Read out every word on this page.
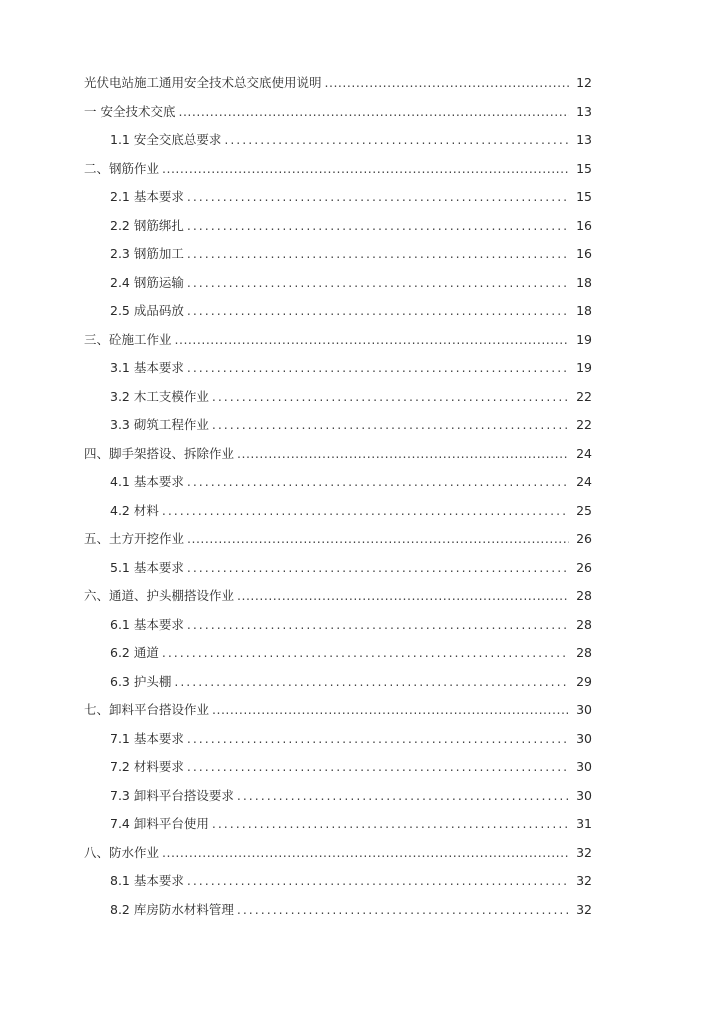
光伏电站施工通用安全技术总交底使用说明 .....	12
一 安全技术交底 .....	13
1.1 安全交底总要求 .....	13
二、钢筋作业 .....	15
2.1 基本要求 .....	15
2.2 钢筋绑扎 .....	16
2.3 钢筋加工 .....	16
2.4 钢筋运输 .....	18
2.5 成品码放 .....	18
三、砼施工作业 .....	19
3.1 基本要求 .....	19
3.2 木工支模作业 .....	22
3.3 砌筑工程作业 .....	22
四、脚手架搭设、拆除作业 .....	24
4.1 基本要求 .....	24
4.2 材料 .....	25
五、土方开挖作业 .....	26
5.1 基本要求 .....	26
六、通道、护头棚搭设作业 .....	28
6.1 基本要求 .....	28
6.2 通道 .....	28
6.3 护头棚 .....	29
七、卸料平台搭设作业 .....	30
7.1 基本要求 .....	30
7.2 材料要求 .....	30
7.3 卸料平台搭设要求 .....	30
7.4 卸料平台使用 .....	31
八、防水作业 .....	32
8.1 基本要求 .....	32
8.2 库房防水材料管理 .....	32
